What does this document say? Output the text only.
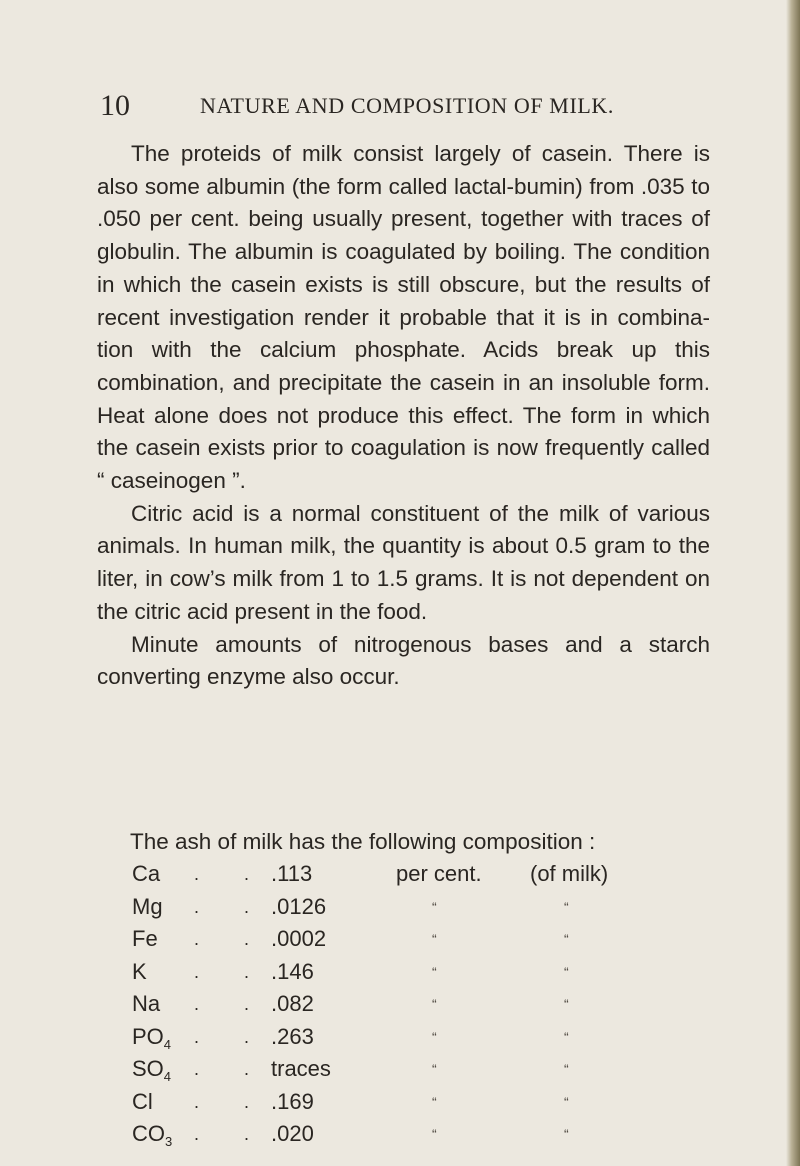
10	NATURE AND COMPOSITION OF MILK.

The proteids of milk consist largely of casein. There is also some albumin (the form called lactal-bumin) from .035 to .050 per cent. being usually present, together with traces of globulin. The albumin is coagulated by boiling. The condition in which the casein exists is still obscure, but the results of recent investigation render it probable that it is in combina-tion with the calcium phosphate. Acids break up this combination, and precipitate the casein in an insoluble form. Heat alone does not produce this effect. The form in which the casein exists prior to coagulation is now frequently called “ caseinogen ”.

Citric acid is a normal constituent of the milk of various animals. In human milk, the quantity is about 0.5 gram to the liter, in cow’s milk from 1 to 1.5 grams. It is not dependent on the citric acid present in the food.

Minute amounts of nitrogenous bases and a starch converting enzyme also occur.

The ash of milk has the following composition :
Ca . . .113	per cent. (of milk)
Mg . . .0126	“	“
Fe . . .0002	“	“
K	. . .146	“	“
Na . . .082	“	“
$PO_4$ . . .263	“	“
$SO_4$ . . traces	“	“
Cl . . .169	“	“
$CO_3$ . . .020	“	“
